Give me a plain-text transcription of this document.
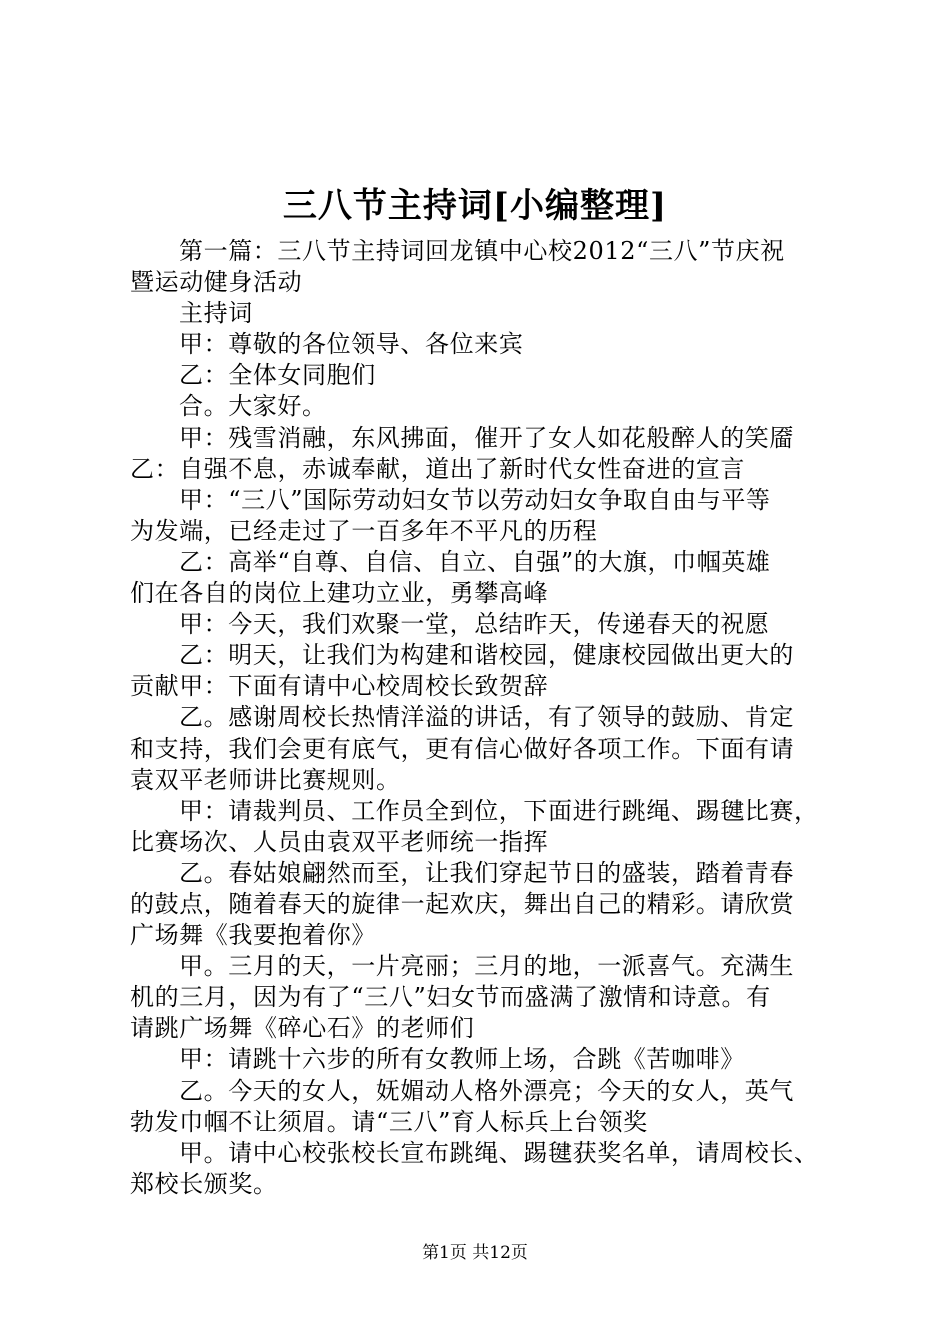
三八节主持词[小编整理]
第一篇：三八节主持词回龙镇中心校2012“三八”节庆祝
暨运动健身活动
主持词
甲：尊敬的各位领导、各位来宾
乙：全体女同胞们
合。大家好。
甲：残雪消融，东风拂面，催开了女人如花般醉人的笑靥
乙：自强不息，赤诚奉献，道出了新时代女性奋进的宣言
甲：“三八”国际劳动妇女节以劳动妇女争取自由与平等
为发端，已经走过了一百多年不平凡的历程
乙：高举“自尊、自信、自立、自强”的大旗，巾帼英雄
们在各自的岗位上建功立业，勇攀高峰
甲：今天，我们欢聚一堂，总结昨天，传递春天的祝愿
乙：明天，让我们为构建和谐校园，健康校园做出更大的
贡献甲：下面有请中心校周校长致贺辞
乙。感谢周校长热情洋溢的讲话，有了领导的鼓励、肯定
和支持，我们会更有底气，更有信心做好各项工作。下面有请
袁双平老师讲比赛规则。
甲：请裁判员、工作员全到位，下面进行跳绳、踢毽比赛，
比赛场次、人员由袁双平老师统一指挥
乙。春姑娘翩然而至，让我们穿起节日的盛装，踏着青春
的鼓点，随着春天的旋律一起欢庆，舞出自己的精彩。请欣赏
广场舞《我要抱着你》
甲。三月的天，一片亮丽；三月的地，一派喜气。充满生
机的三月，因为有了“三八”妇女节而盛满了激情和诗意。有
请跳广场舞《碎心石》的老师们
甲：请跳十六步的所有女教师上场，合跳《苦咖啡》
乙。今天的女人，妩媚动人格外漂亮；今天的女人，英气
勃发巾帼不让须眉。请“三八”育人标兵上台领奖
甲。请中心校张校长宣布跳绳、踢毽获奖名单，请周校长、
郑校长颁奖。
第1页 共12页
